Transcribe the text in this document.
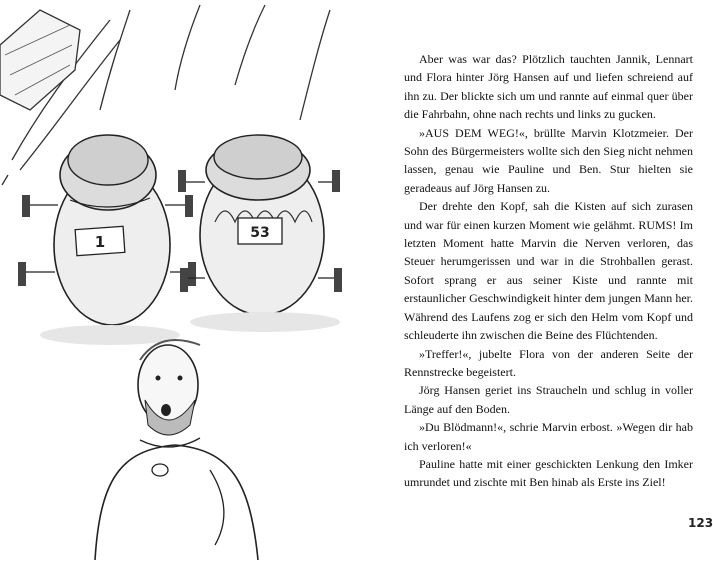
1	53

Aber was war das? Plötzlich tauchten Jannik, Lennart und Flora hinter Jörg Hansen auf und liefen schreiend auf ihn zu. Der blickte sich um und rannte auf einmal quer über die Fahrbahn, ohne nach rechts und links zu gucken.

»AUS DEM WEG!«, brüllte Marvin Klotzmeier. Der Sohn des Bürgermeisters wollte sich den Sieg nicht nehmen lassen, genau wie Pauline und Ben. Stur hielten sie geradeaus auf Jörg Hansen zu.

Der drehte den Kopf, sah die Kisten auf sich zurasen und war für einen kurzen Moment wie gelähmt. RUMS! Im letzten Moment hatte Marvin die Nerven verloren, das Steuer herumgerissen und war in die Strohballen gerast. Sofort sprang er aus seiner Kiste und rannte mit erstaunlicher Geschwindigkeit hinter dem jungen Mann her. Während des Laufens zog er sich den Helm vom Kopf und schleuderte ihn zwischen die Beine des Flüchtenden.

»Treffer!«, jubelte Flora von der anderen Seite der Rennstrecke begeistert.

Jörg Hansen geriet ins Straucheln und schlug in voller Länge auf den Boden.

»Du Blödmann!«, schrie Marvin erbost. »Wegen dir hab ich verloren!«

Pauline hatte mit einer geschickten Lenkung den Imker umrundet und zischte mit Ben hinab als Erste ins Ziel!

123
